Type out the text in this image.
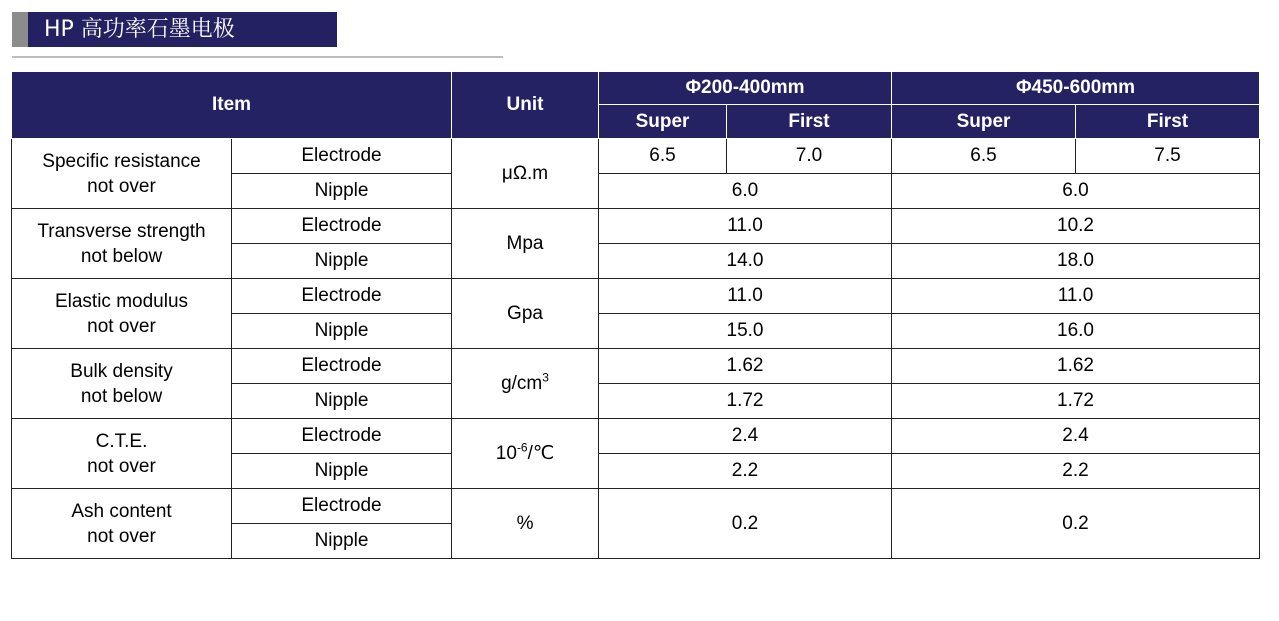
HP 高功率石墨电极
Item		Unit	Φ200-400mm		Φ450-600mm	
			Super	First	Super	First

Specific resistance
not over	Electrode	μΩ.m	6.5	7.0	6.5	7.5
	Nipple		6.0		6.0	

Transverse strength
not below	Electrode	Mpa	11.0		10.2	
	Nipple		14.0		18.0	

Elastic modulus
not over	Electrode	Gpa	11.0		11.0	
	Nipple		15.0		16.0	

Bulk density
not below	Electrode	$g/cm^3$	1.62		1.62	
	Nipple		1.72		1.72	

C.T.E.
not over	Electrode	$10^{-6}/℃$	2.4		2.4	
	Nipple		2.2		2.2	

Ash content
not over	Electrode	%	0.2		0.2	
	Nipple					
